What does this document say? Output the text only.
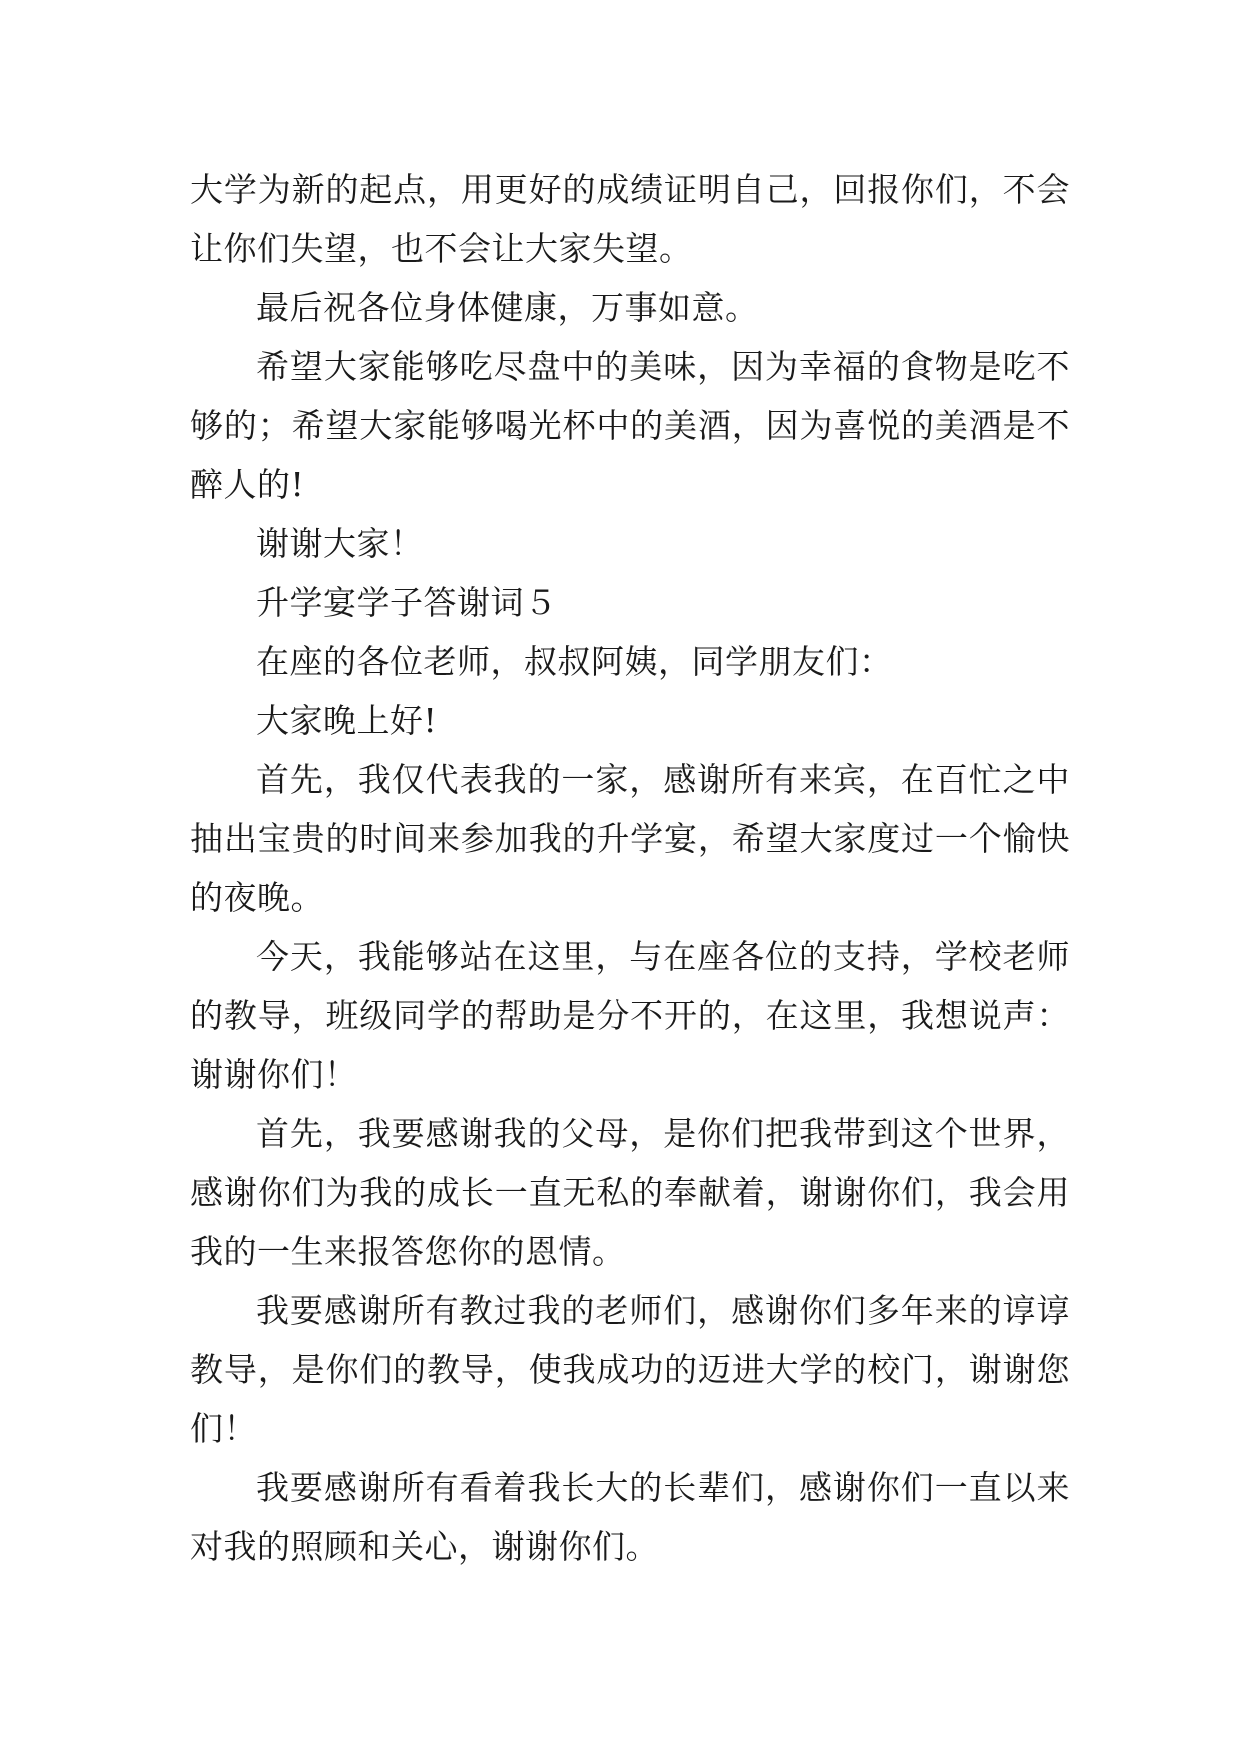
大学为新的起点，用更好的成绩证明自己，回报你们，不会让你们失望，也不会让大家失望。

最后祝各位身体健康，万事如意。

希望大家能够吃尽盘中的美味，因为幸福的食物是吃不够的；希望大家能够喝光杯中的美酒，因为喜悦的美酒是不醉人的!

谢谢大家！

升学宴学子答谢词５

在座的各位老师，叔叔阿姨，同学朋友们：

大家晚上好!

首先，我仅代表我的一家，感谢所有来宾，在百忙之中抽出宝贵的时间来参加我的升学宴，希望大家度过一个愉快的夜晚。

今天，我能够站在这里，与在座各位的支持，学校老师的教导，班级同学的帮助是分不开的，在这里，我想说声：谢谢你们！

首先，我要感谢我的父母，是你们把我带到这个世界，感谢你们为我的成长一直无私的奉献着，谢谢你们，我会用我的一生来报答您你的恩情。

我要感谢所有教过我的老师们，感谢你们多年来的谆谆教导，是你们的教导，使我成功的迈进大学的校门，谢谢您们！

我要感谢所有看着我长大的长辈们，感谢你们一直以来对我的照顾和关心，谢谢你们。
